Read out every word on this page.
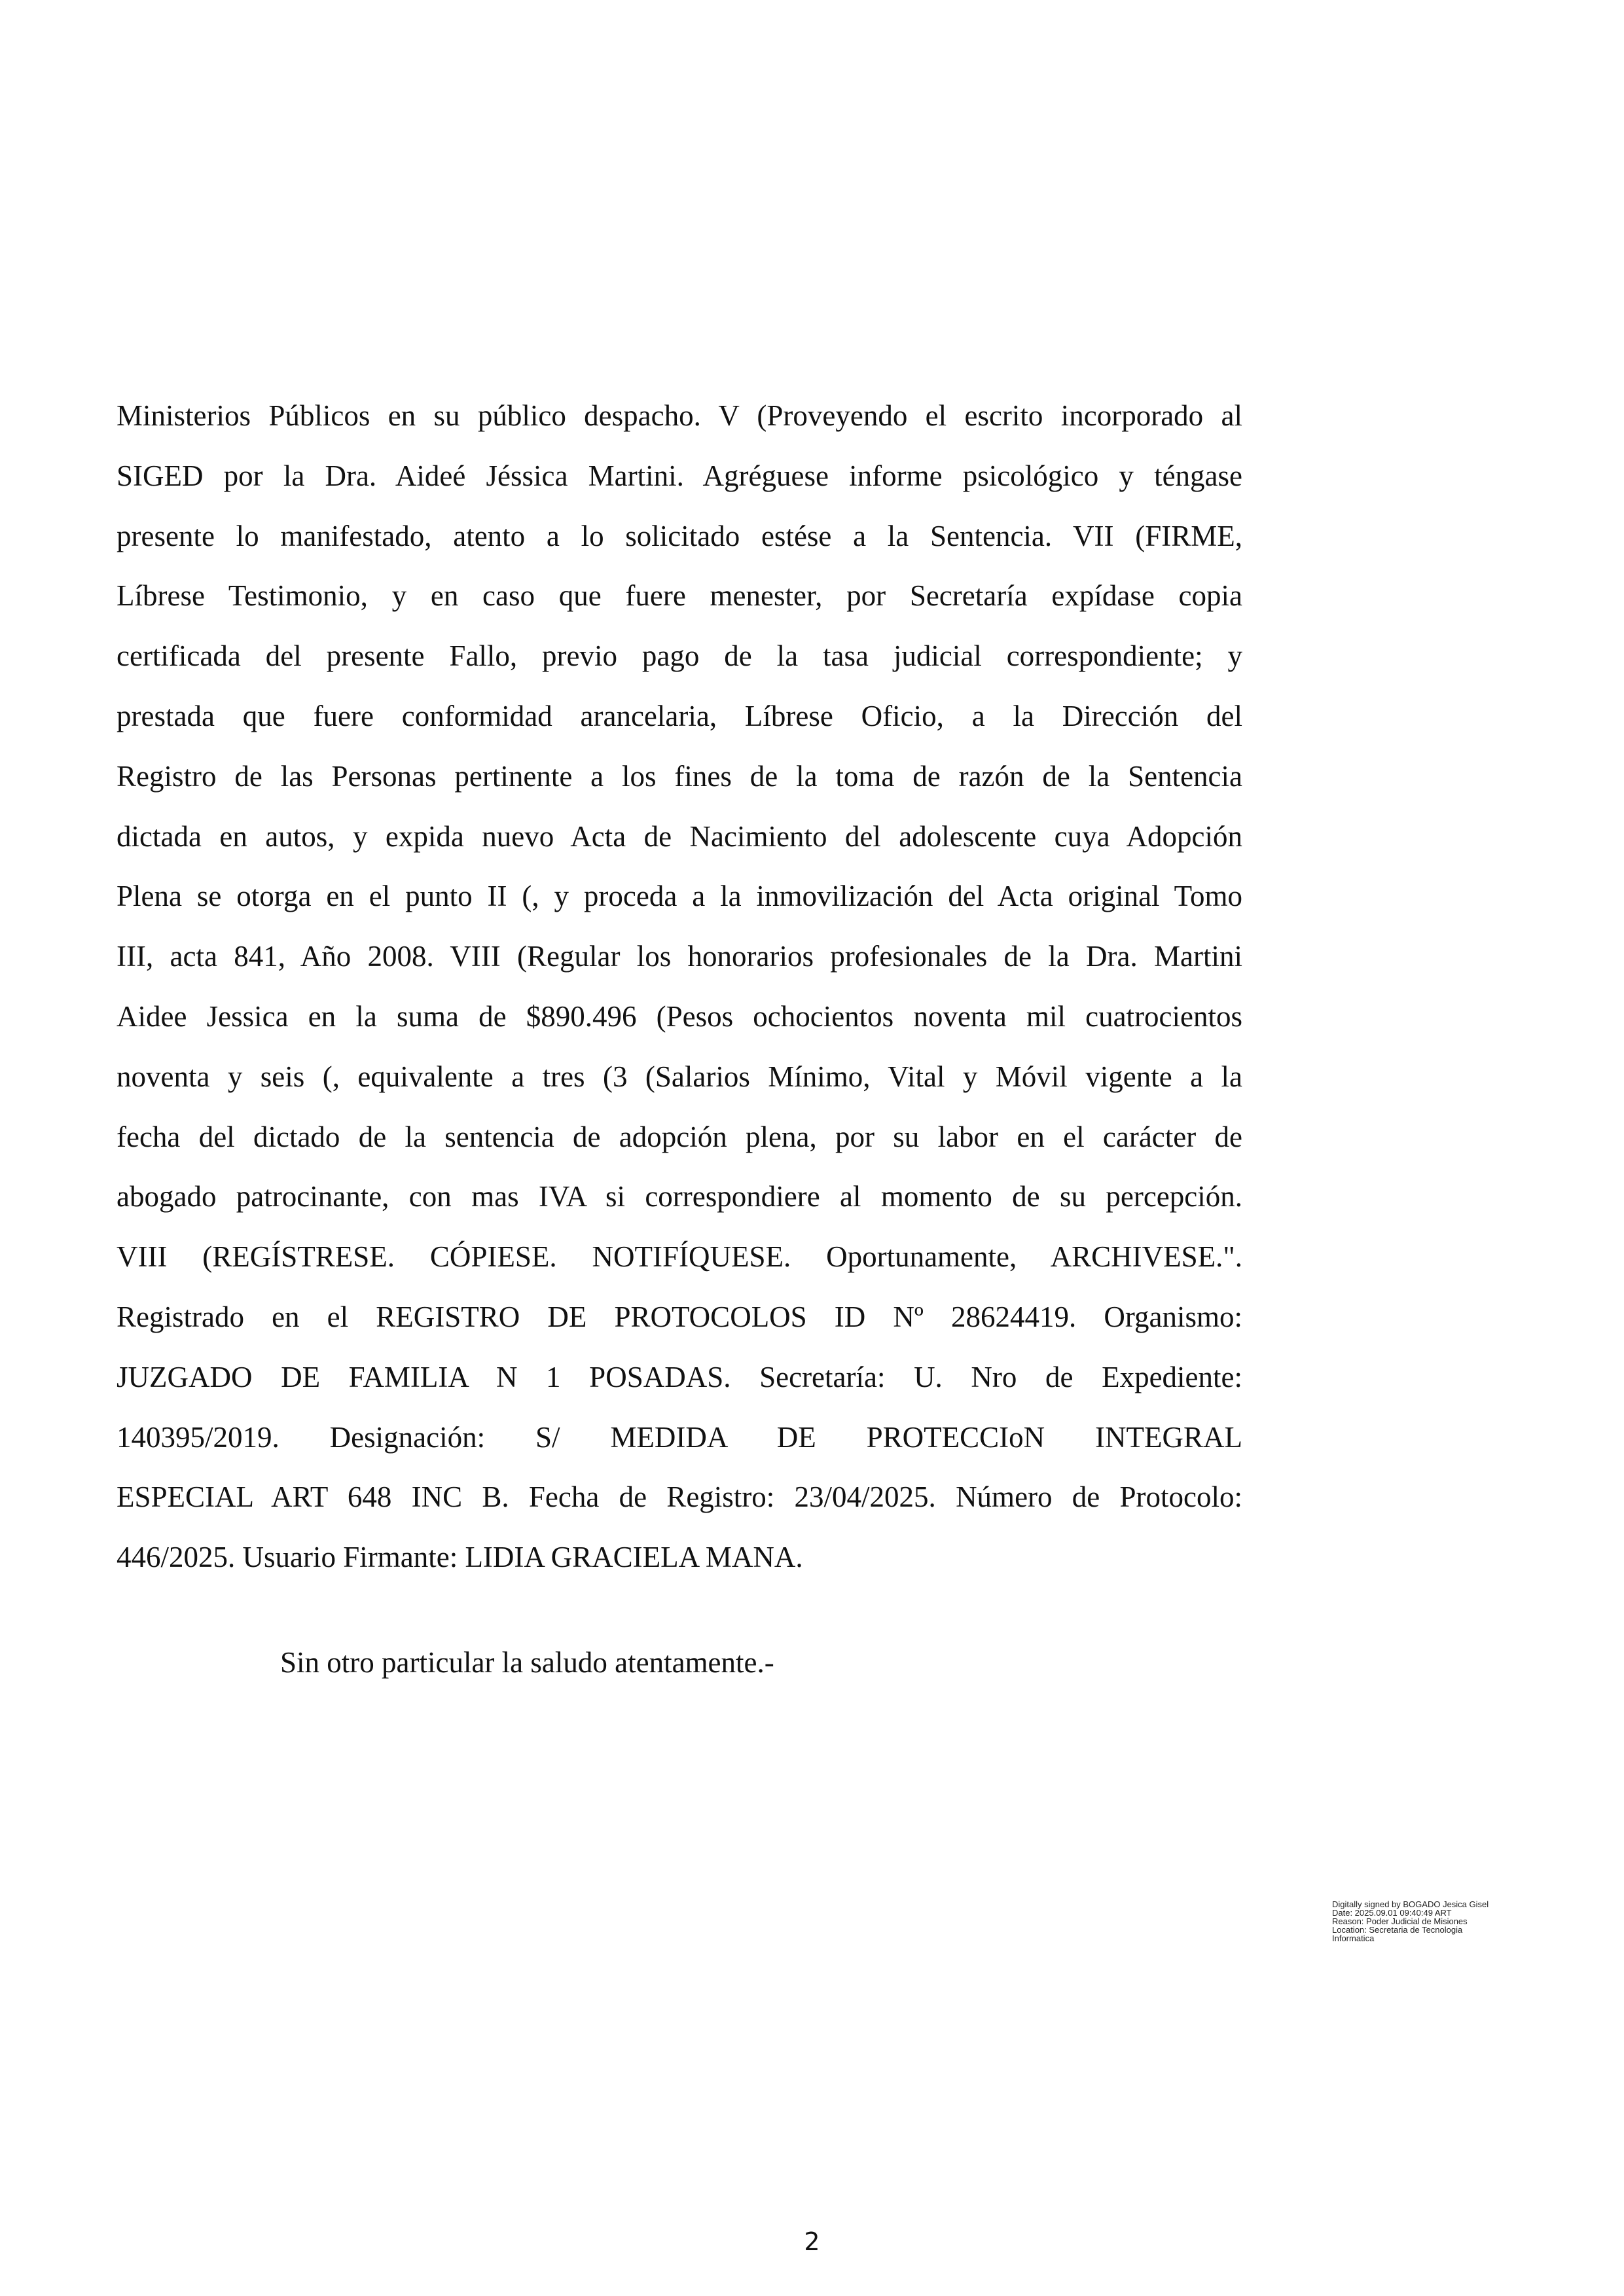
Ministerios Públicos en su público despacho. V (Proveyendo el escrito incorporado al
SIGED por la Dra. Aideé Jéssica Martini. Agréguese informe psicológico y téngase
presente lo manifestado, atento a lo solicitado estése a la Sentencia. VII (FIRME,
Líbrese Testimonio, y en caso que fuere menester, por Secretaría expídase copia
certificada del presente Fallo, previo pago de la tasa judicial correspondiente; y
prestada que fuere conformidad arancelaria, Líbrese Oficio, a la Dirección del
Registro de las Personas pertinente a los fines de la toma de razón de la Sentencia
dictada en autos, y expida nuevo Acta de Nacimiento del adolescente cuya Adopción
Plena se otorga en el punto II (, y proceda a la inmovilización del Acta original Tomo
III, acta 841, Año 2008. VIII (Regular los honorarios profesionales de la Dra. Martini
Aidee Jessica en la suma de $890.496 (Pesos ochocientos noventa mil cuatrocientos
noventa y seis (, equivalente a tres (3 (Salarios Mínimo, Vital y Móvil vigente a la
fecha del dictado de la sentencia de adopción plena, por su labor en el carácter de
abogado patrocinante, con mas IVA si correspondiere al momento de su percepción.
VIII (REGÍSTRESE. CÓPIESE. NOTIFÍQUESE. Oportunamente, ARCHIVESE.".
Registrado en el REGISTRO DE PROTOCOLOS ID Nº 28624419. Organismo:
JUZGADO DE FAMILIA N 1 POSADAS. Secretaría: U. Nro de Expediente:
140395/2019. Designación: S/ MEDIDA DE PROTECCIoN INTEGRAL
ESPECIAL ART 648 INC B. Fecha de Registro: 23/04/2025. Número de Protocolo:
446/2025. Usuario Firmante: LIDIA GRACIELA MANA.
Sin otro particular la saludo atentamente.-
Digitally signed by BOGADO Jesica Gisel
Date: 2025.09.01 09:40:49 ART
Reason: Poder Judicial de Misiones
Location: Secretaria de Tecnologia
Informatica
2
